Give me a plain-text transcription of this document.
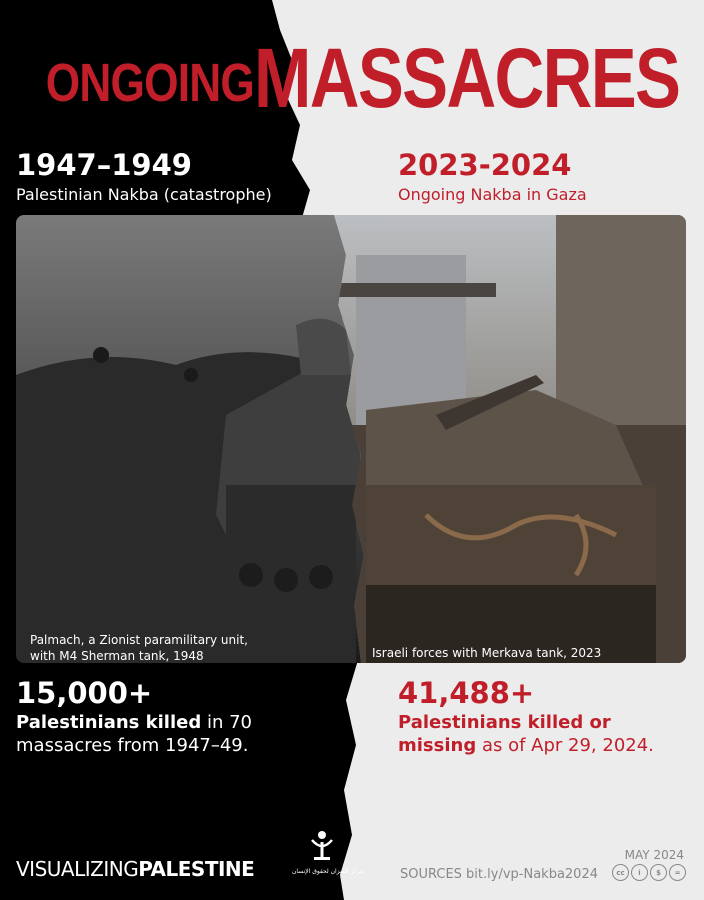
ONGOINGMASSACRES
1947–1949
Palestinian Nakba (catastrophe)
2023-2024
Ongoing Nakba in Gaza
Palmach, a Zionist paramilitary unit,
with M4 Sherman tank, 1948	Israeli forces with Merkava tank, 2023
15,000+
Palestinians killed in 70
massacres from 1947–49.
41,488+
Palestinians killed or
missing as of Apr 29, 2024.
VISUALIZINGPALESTINE	مركز الميزان لحقوق الإنسان	SOURCES bit.ly/vp-Nakba2024
MAY 2024
cc	i	$	=
